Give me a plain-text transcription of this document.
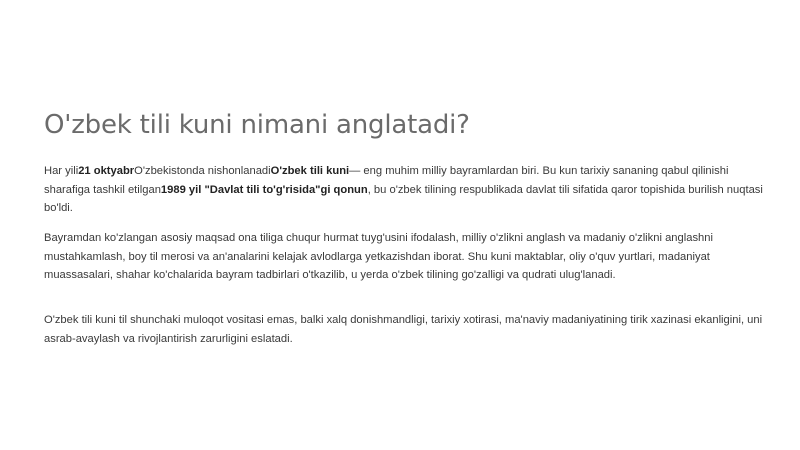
O'zbek tili kuni nimani anglatadi?

Har yili21 oktyabrO'zbekistonda nishonlanadiO'zbek tili kuni— eng muhim milliy bayramlardan biri. Bu kun tarixiy sananing qabul qilinishi sharafiga tashkil etilgan1989 yil "Davlat tili to'g'risida"gi qonun, bu o'zbek tilining respublikada davlat tili sifatida qaror topishida burilish nuqtasi bo'ldi.

Bayramdan ko'zlangan asosiy maqsad ona tiliga chuqur hurmat tuyg'usini ifodalash, milliy o'zlikni anglash va madaniy o'zlikni anglashni mustahkamlash, boy til merosi va an'analarini kelajak avlodlarga yetkazishdan iborat. Shu kuni maktablar, oliy o'quv yurtlari, madaniyat muassasalari, shahar ko'chalarida bayram tadbirlari o'tkazilib, u yerda o'zbek tilining go'zalligi va qudrati ulug'lanadi.

O'zbek tili kuni til shunchaki muloqot vositasi emas, balki xalq donishmandligi, tarixiy xotirasi, ma'naviy madaniyatining tirik xazinasi ekanligini, uni asrab-avaylash va rivojlantirish zarurligini eslatadi.
